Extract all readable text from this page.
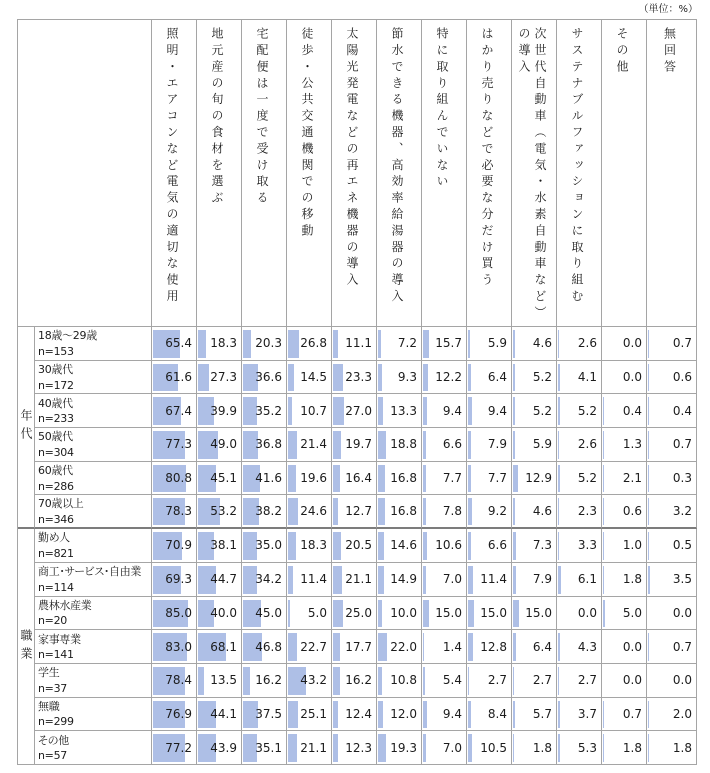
（単位：%）
照明・エアコンなど電気の適切な使用	地元産の旬の食材を選ぶ	宅配便は一度で受け取る	徒歩・公共交通機関での移動	太陽光発電などの再エネ機器の導入	節水できる機器、高効率給湯器の導入	特に取り組んでいない	はかり売りなどで必要な分だけ買う	次世代自動車（電気・水素自動車など）
の導入	サステナブルファッションに取り組む	その他	無回答
年代
18歳～29歳
n=153
65.4 18.3 20.3 26.8 11.1 7.2 15.7 5.9 4.6 2.6 0.0	0.7
30歳代
n=172
61.6 27.3 36.6 14.5 23.3 9.3 12.2 6.4 5.2 4.1 0.0	0.6
40歳代
n=233
67.4 39.9 35.2 10.7 27.0 13.3 9.4 9.4 5.2 5.2 0.4	0.4
50歳代
n=304
77.3 49.0 36.8 21.4 19.7 18.8 6.6 7.9 5.9 2.6 1.3	0.7
60歳代
n=286
80.8 45.1 41.6 19.6 16.4 16.8 7.7 7.7 12.9 5.2 2.1	0.3
70歳以上
n=346
78.3 53.2 38.2 24.6 12.7 16.8 7.8 9.2 4.6 2.3 0.6	3.2
職業
勤め人
n=821
70.9 38.1 35.0 18.3 20.5 14.6 10.6 6.6 7.3 3.3 1.0	0.5
商工・サービス・自由業
n=114
69.3 44.7 34.2 11.4 21.1 14.9 7.0 11.4 7.9 6.1 1.8	3.5
農林水産業
n=20
85.0 40.0 45.0 5.0 25.0 10.0 15.0 15.0 15.0 0.0 5.0	0.0
家事専業
n=141
83.0 68.1 46.8 22.7 17.7 22.0 1.4 12.8 6.4 4.3 0.0	0.7
学生
n=37
78.4 13.5 16.2 43.2 16.2 10.8 5.4 2.7 2.7 2.7 0.0	0.0
無職
n=299
76.9 44.1 37.5 25.1 12.4 12.0 9.4 8.4 5.7 3.7 0.7	2.0
その他
n=57
77.2 43.9 35.1 21.1 12.3 19.3 7.0 10.5 1.8 5.3 1.8	1.8
